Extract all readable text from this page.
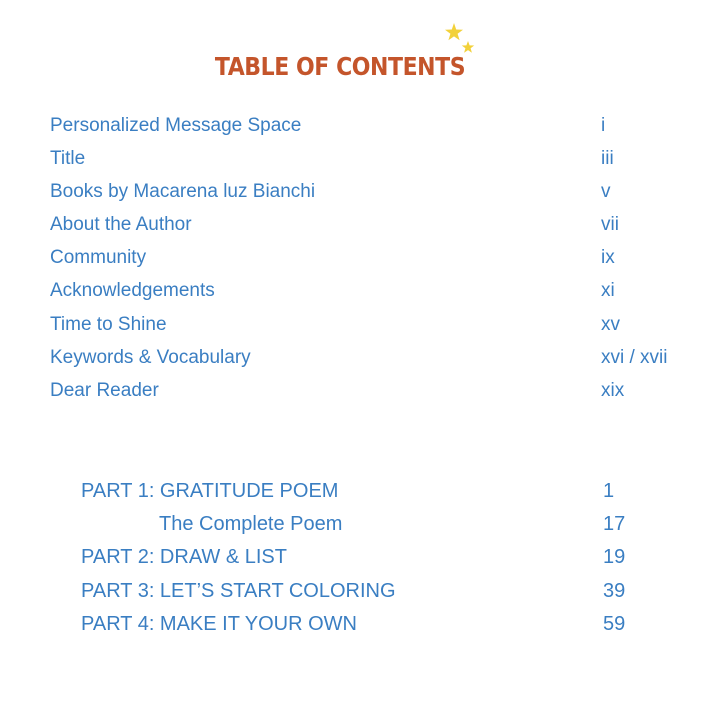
TABLE OF CONTENTS
Personalized Message Space	i
Title	iii
Books by Macarena luz Bianchi	v
About the Author	vii
Community	ix
Acknowledgements	xi
Time to Shine	xv
Keywords & Vocabulary	xvi / xvii
Dear Reader	xix
PART 1: GRATITUDE POEM	1
The Complete Poem	17
PART 2: DRAW & LIST	19
PART 3: LET’S START COLORING	39
PART 4: MAKE IT YOUR OWN	59
